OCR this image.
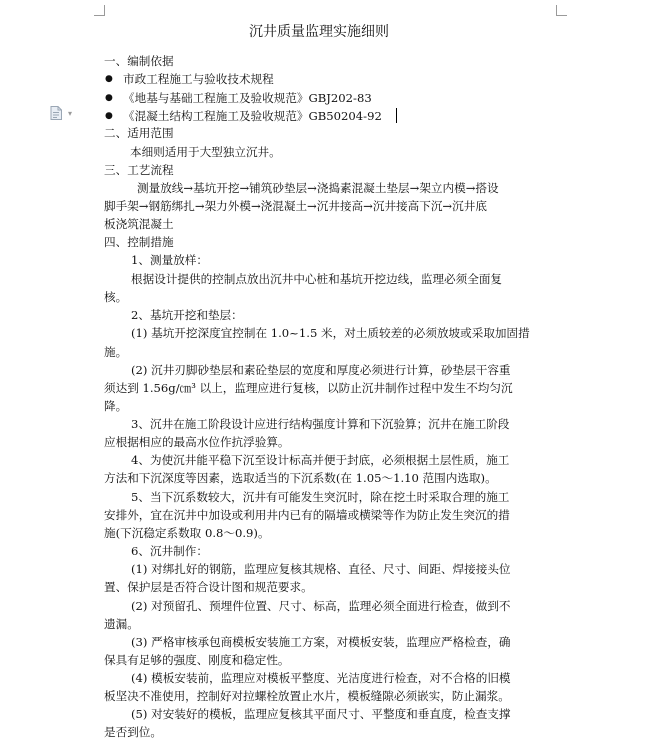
▾
沉井质量监理实施细则
一、编制依据
● 市政工程施工与验收技术规程
● 《地基与基础工程施工及验收规范》GBJ202-83
● 《混凝土结构工程施工及验收规范》GB50204-92
二、适用范围
本细则适用于大型独立沉井。
三、工艺流程
测量放线→基坑开挖→铺筑砂垫层→浇捣素混凝土垫层→架立内模→搭设
脚手架→钢筋绑扎→架力外模→浇混凝土→沉井接高→沉井接高下沉→沉井底
板浇筑混凝土
四、控制措施
1、测量放样：
根据设计提供的控制点放出沉井中心桩和基坑开挖边线，监理必须全面复
核。
2、基坑开挖和垫层：
(1) 基坑开挖深度宜控制在 1.0~1.5 米，对土质较差的必须放坡或采取加固措
施。
(2) 沉井刃脚砂垫层和素砼垫层的宽度和厚度必须进行计算，砂垫层干容重
须达到 1.56g/㎝³ 以上，监理应进行复核，以防止沉井制作过程中发生不均匀沉
降。
3、沉井在施工阶段设计应进行结构强度计算和下沉验算；沉井在施工阶段
应根据相应的最高水位作抗浮验算。
4、为使沉井能平稳下沉至设计标高并便于封底，必须根据土层性质，施工
方法和下沉深度等因素，选取适当的下沉系数(在 1.05～1.10 范围内选取)。
5、当下沉系数较大，沉井有可能发生突沉时，除在挖土时采取合理的施工
安排外，宜在沉井中加设或利用井内已有的隔墙或横梁等作为防止发生突沉的措
施(下沉稳定系数取 0.8～0.9)。
6、沉井制作：
(1) 对绑扎好的钢筋，监理应复核其规格、直径、尺寸、间距、焊接接头位
置、保护层是否符合设计图和规范要求。
(2) 对预留孔、预埋件位置、尺寸、标高，监理必须全面进行检查，做到不
遗漏。
(3) 严格审核承包商模板安装施工方案，对模板安装，监理应严格检查，确
保具有足够的强度、刚度和稳定性。
(4) 模板安装前，监理应对模板平整度、光洁度进行检查，对不合格的旧模
板坚决不准使用，控制好对拉螺栓放置止水片，模板缝隙必须嵌实，防止漏浆。
(5) 对安装好的模板，监理应复核其平面尺寸、平整度和垂直度，检查支撑
是否到位。
